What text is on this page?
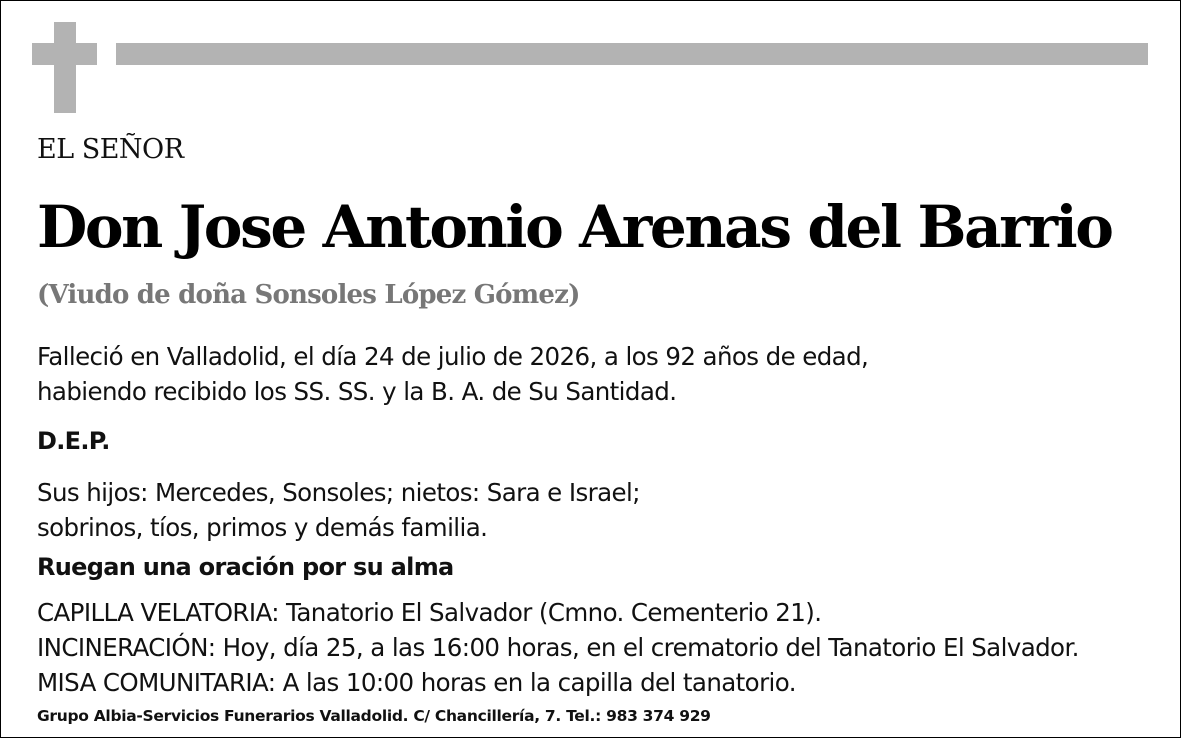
EL SEÑOR

Don Jose Antonio Arenas del Barrio

(Viudo de doña Sonsoles López Gómez)

Falleció en Valladolid, el día 24 de julio de 2026, a los 92 años de edad,
habiendo recibido los SS. SS. y la B. A. de Su Santidad.

D.E.P.

Sus hijos: Mercedes, Sonsoles; nietos: Sara e Israel;
sobrinos, tíos, primos y demás familia.

Ruegan una oración por su alma

CAPILLA VELATORIA: Tanatorio El Salvador (Cmno. Cementerio 21).
INCINERACIÓN: Hoy, día 25, a las 16:00 horas, en el crematorio del Tanatorio El Salvador.
MISA COMUNITARIA: A las 10:00 horas en la capilla del tanatorio.

Grupo Albia-Servicios Funerarios Valladolid. C/ Chancillería, 7. Tel.: 983 374 929
